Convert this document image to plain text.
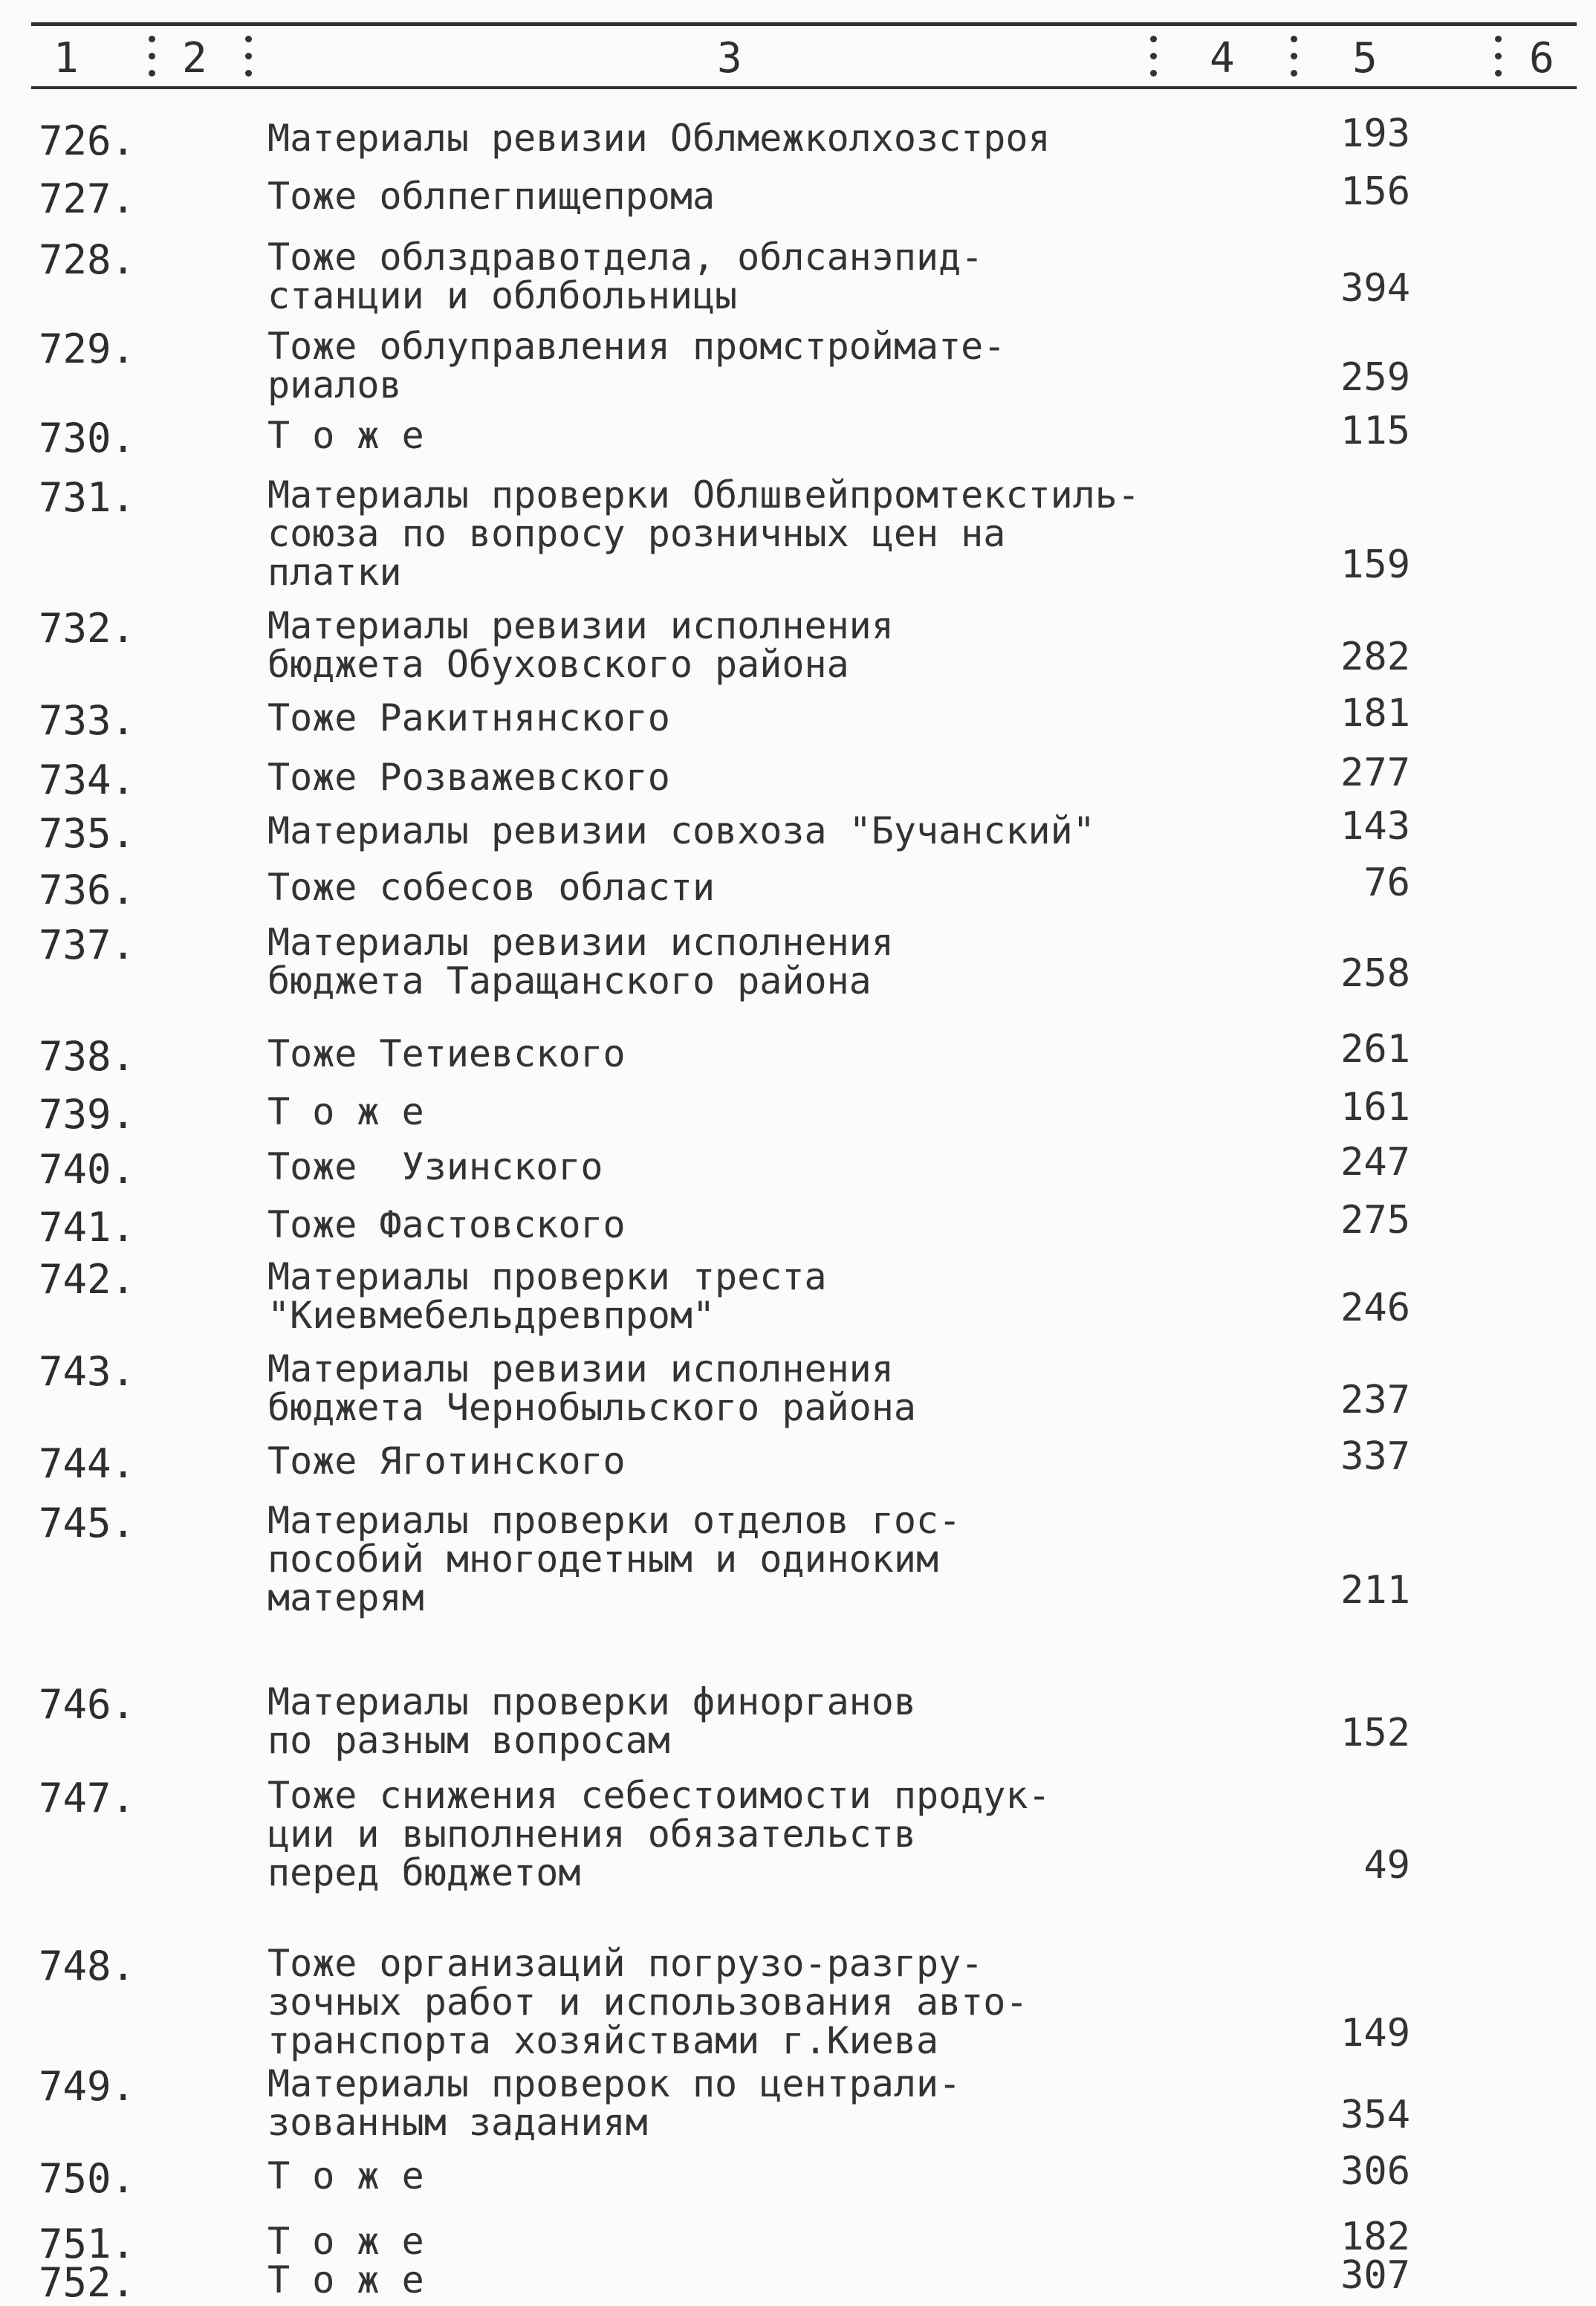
1 2	3	4	5	6
726.	Материалы ревизии Облмежколхозстроя	193
727.	Тоже облпегпищепрома	156
728.	Тоже облздравотдела, облсанэпид-
станции и облбольницы	394
729.	Тоже облуправления промстройматe-
риалов	259
730.	Т о ж е	115
731.	Материалы проверки Облшвейпромтекстиль-
союза по вопросу розничных цен на
платки	159
732.	Материалы ревизии исполнения
бюджета Обуховского района	282
733.	Тоже Ракитнянского	181
734.	Тоже Розважевского	277
735.	Материалы ревизии совхоза "Бучанский"	143
736.	Тоже собесов области	76
737.	Материалы ревизии исполнения
бюджета Таращанского района	258
738.	Тоже Тетиевского	261
739.	Т о ж е	161
740.	Тоже  Узинского	247
741.	Тоже Фастовского	275
742.	Материалы проверки треста
"Киевмебельдревпром"	246
743.	Материалы ревизии исполнения
бюджета Чернобыльского района	237
744.	Тоже Яготинского	337
745.	Материалы проверки отделов гос-
пособий многодетным и одиноким
матерям	211
746.	Материалы проверки финорганов
по разным вопросам	152
747.	Тоже снижения себестоимости продук-
ции и выполнения обязательств
перед бюджетом	49
748.	Тоже организаций погрузо-разгру-
зочных работ и использования авто-
транспорта хозяйствами г.Киева	149
749.	Материалы проверок по централи-
зованным заданиям	354
750.	Т о ж е	306
751.	Т о ж е	182
752.	Т о ж е	307
